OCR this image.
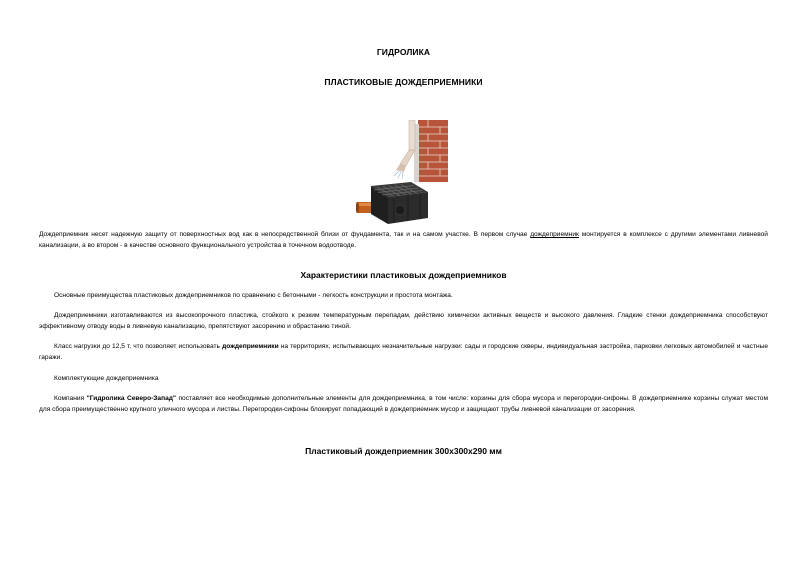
ГИДРОЛИКА
ПЛАСТИКОВЫЕ ДОЖДЕПРИЕМНИКИ

Дождеприемник несет надежную защиту от поверхностных вод как в непосредственной близи от фундамента, так и на самом участке. В первом случае дождеприемник монтируется в комплексе с другими элементами ливневой канализации, а во втором - в качестве основного функционального устройства в точечном водоотводе.

Характеристики пластиковых дождеприемников

Основные преимущества пластиковых дождеприемников по сравнению с бетонными - легкость конструкции и простота монтажа.

Дождеприемники изготавливаются из высокопрочного пластика, стойкого к резким температурным перепадам, действию химически активных веществ и высокого давления. Гладкие стенки дождеприемника способствуют эффективному отводу воды в ливневую канализацию, препятствуют засорению и обрастанию тиной.

Класс нагрузки до 12,5 т, что позволяет использовать дождеприемники на территориях, испытывающих незначительные нагрузки: сады и городские скверы, индивидуальная застройка, парковки легковых автомобилей и частные гаражи.

Комплектующие дождеприемника

Компания "Гидролика Северо-Запад" поставляет все необходимые дополнительные элементы для дождеприемника, в том числе: корзины для сбора мусора и перегородки-сифоны. В дождеприемнике корзины служат местом для сбора преимущественно крупного уличного мусора и листвы. Перегородки-сифоны блокирует попадающий в дождеприемник мусор и защищают трубы ливневой канализации от засорения.

Пластиковый дождеприемник 300x300x290 мм
